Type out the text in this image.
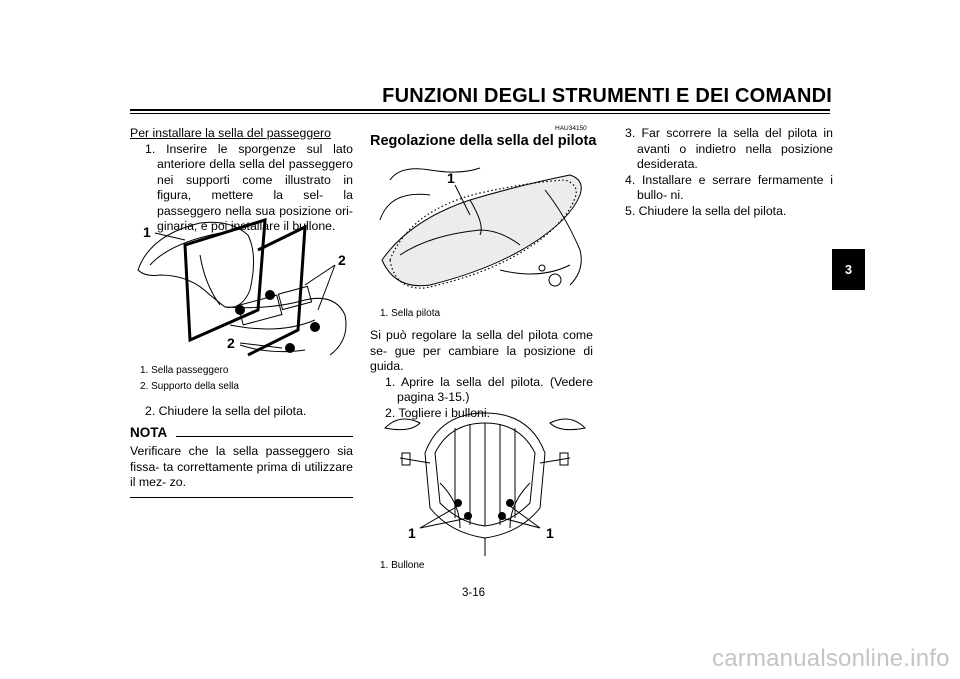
FUNZIONI DEGLI STRUMENTI E DEI COMANDI

Per installare la sella del passeggero

1. Inserire le sporgenze sul lato anteriore della sella del passeggero nei supporti come illustrato in figura, mettere la sel- la passeggero nella sua posizione ori- ginaria, e poi installare il bullone.

1
2
2
1. Sella passeggero
2. Supporto della sella
2. Chiudere la sella del pilota.
NOTA
Verificare che la sella passeggero sia fissa- ta correttamente prima di utilizzare il mez- zo.
HAU34150
Regolazione della sella del pilota
1
1. Sella pilota

Si può regolare la sella del pilota come se- gue per cambiare la posizione di guida.

1. Aprire la sella del pilota. (Vedere pagina 3-15.)

2. Togliere i bulloni.

1	1
1. Bullone

3. Far scorrere la sella del pilota in avanti o indietro nella posizione desiderata.

4. Installare e serrare fermamente i bullo- ni.

5. Chiudere la sella del pilota.

3
3-16
carmanualsonline.info
